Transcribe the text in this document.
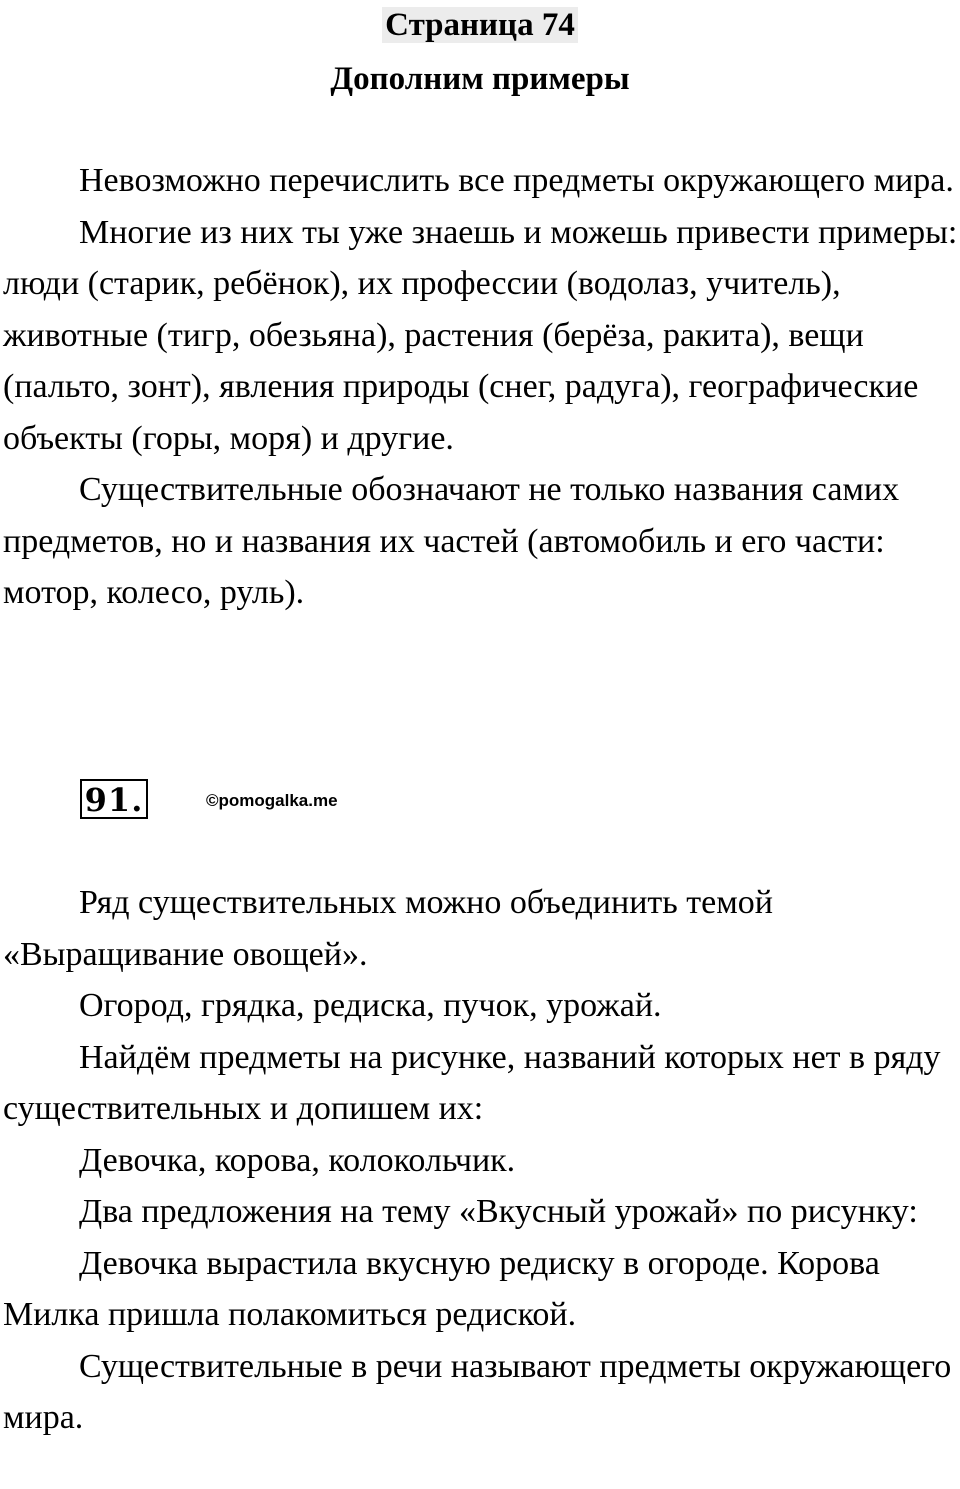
Страница 74
Дополним примеры

Невозможно перечислить все предметы окружающего мира.

Многие из них ты уже знаешь и можешь привести примеры: люди (старик, ребёнок), их профессии (водолаз, учитель), животные (тигр, обезьяна), растения (берёза, ракита), вещи (пальто, зонт), явления природы (снег, радуга), географические объекты (горы, моря) и другие.

Существительные обозначают не только названия самих предметов, но и названия их частей (автомобиль и его части: мотор, колесо, руль).

91.	©pomogalka.me

Ряд существительных можно объединить темой «Выращивание овощей».

Огород, грядка, редиска, пучок, урожай.

Найдём предметы на рисунке, названий которых нет в ряду существительных и допишем их:

Девочка, корова, колокольчик.

Два предложения на тему «Вкусный урожай» по рисунку:

Девочка вырастила вкусную редиску в огороде. Корова Милка пришла полакомиться редиской.

Существительные в речи называют предметы окружающего мира.
